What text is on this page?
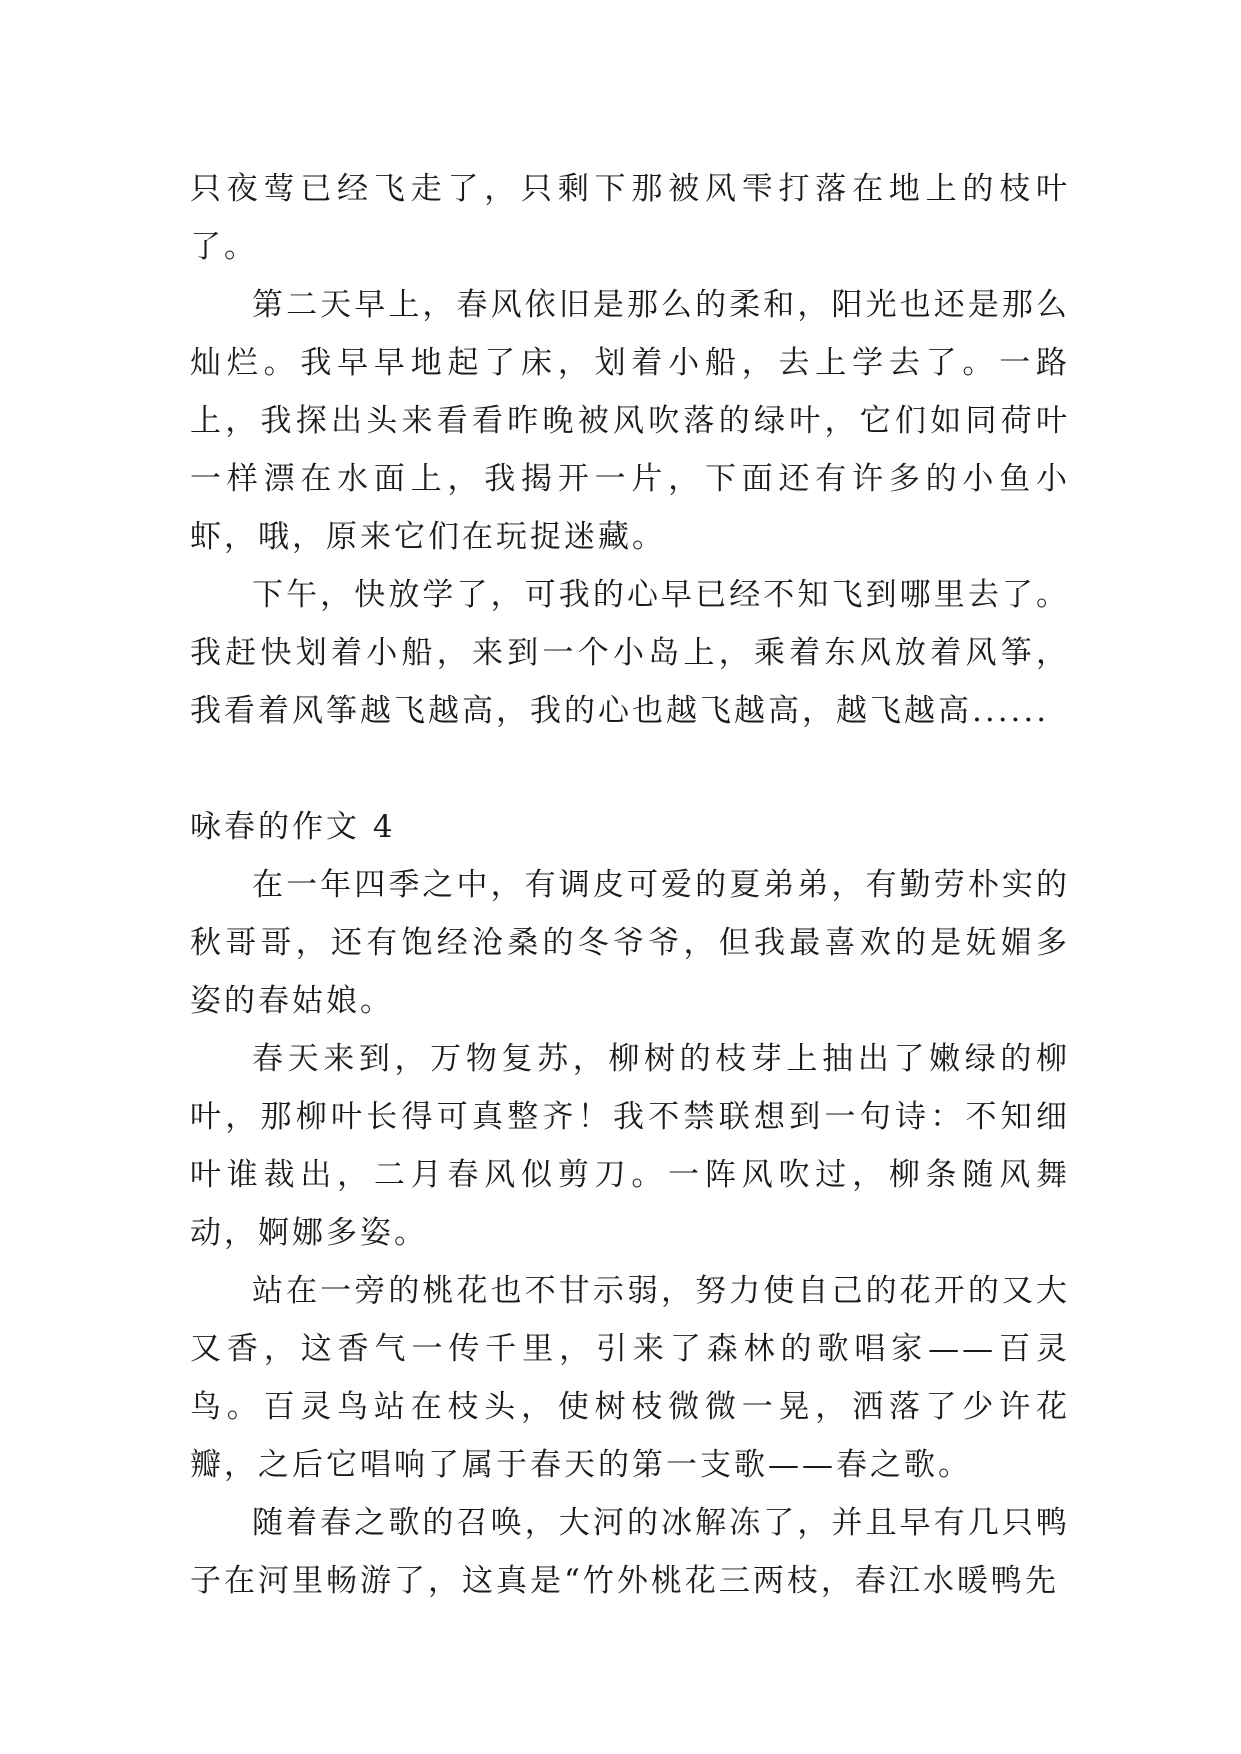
只夜莺已经飞走了，只剩下那被风雫打落在地上的枝叶了。

第二天早上，春风依旧是那么的柔和，阳光也还是那么灿烂。我早早地起了床，划着小船，去上学去了。一路上，我探出头来看看昨晚被风吹落的绿叶，它们如同荷叶一样漂在水面上，我揭开一片，下面还有许多的小鱼小虾，哦，原来它们在玩捉迷藏。

下午，快放学了，可我的心早已经不知飞到哪里去了。我赶快划着小船，来到一个小岛上，乘着东风放着风筝，我看着风筝越飞越高，我的心也越飞越高，越飞越高......

咏春的作文 4

在一年四季之中，有调皮可爱的夏弟弟，有勤劳朴实的秋哥哥，还有饱经沧桑的冬爷爷，但我最喜欢的是妩媚多姿的春姑娘。

春天来到，万物复苏，柳树的枝芽上抽出了嫩绿的柳叶，那柳叶长得可真整齐！我不禁联想到一句诗：不知细叶谁裁出，二月春风似剪刀。一阵风吹过，柳条随风舞动，婀娜多姿。

站在一旁的桃花也不甘示弱，努力使自己的花开的又大又香，这香气一传千里，引来了森林的歌唱家——百灵鸟。百灵鸟站在枝头，使树枝微微一晃，洒落了少许花瓣，之后它唱响了属于春天的第一支歌——春之歌。

随着春之歌的召唤，大河的冰解冻了，并且早有几只鸭子在河里畅游了，这真是“竹外桃花三两枝，春江水暖鸭先
